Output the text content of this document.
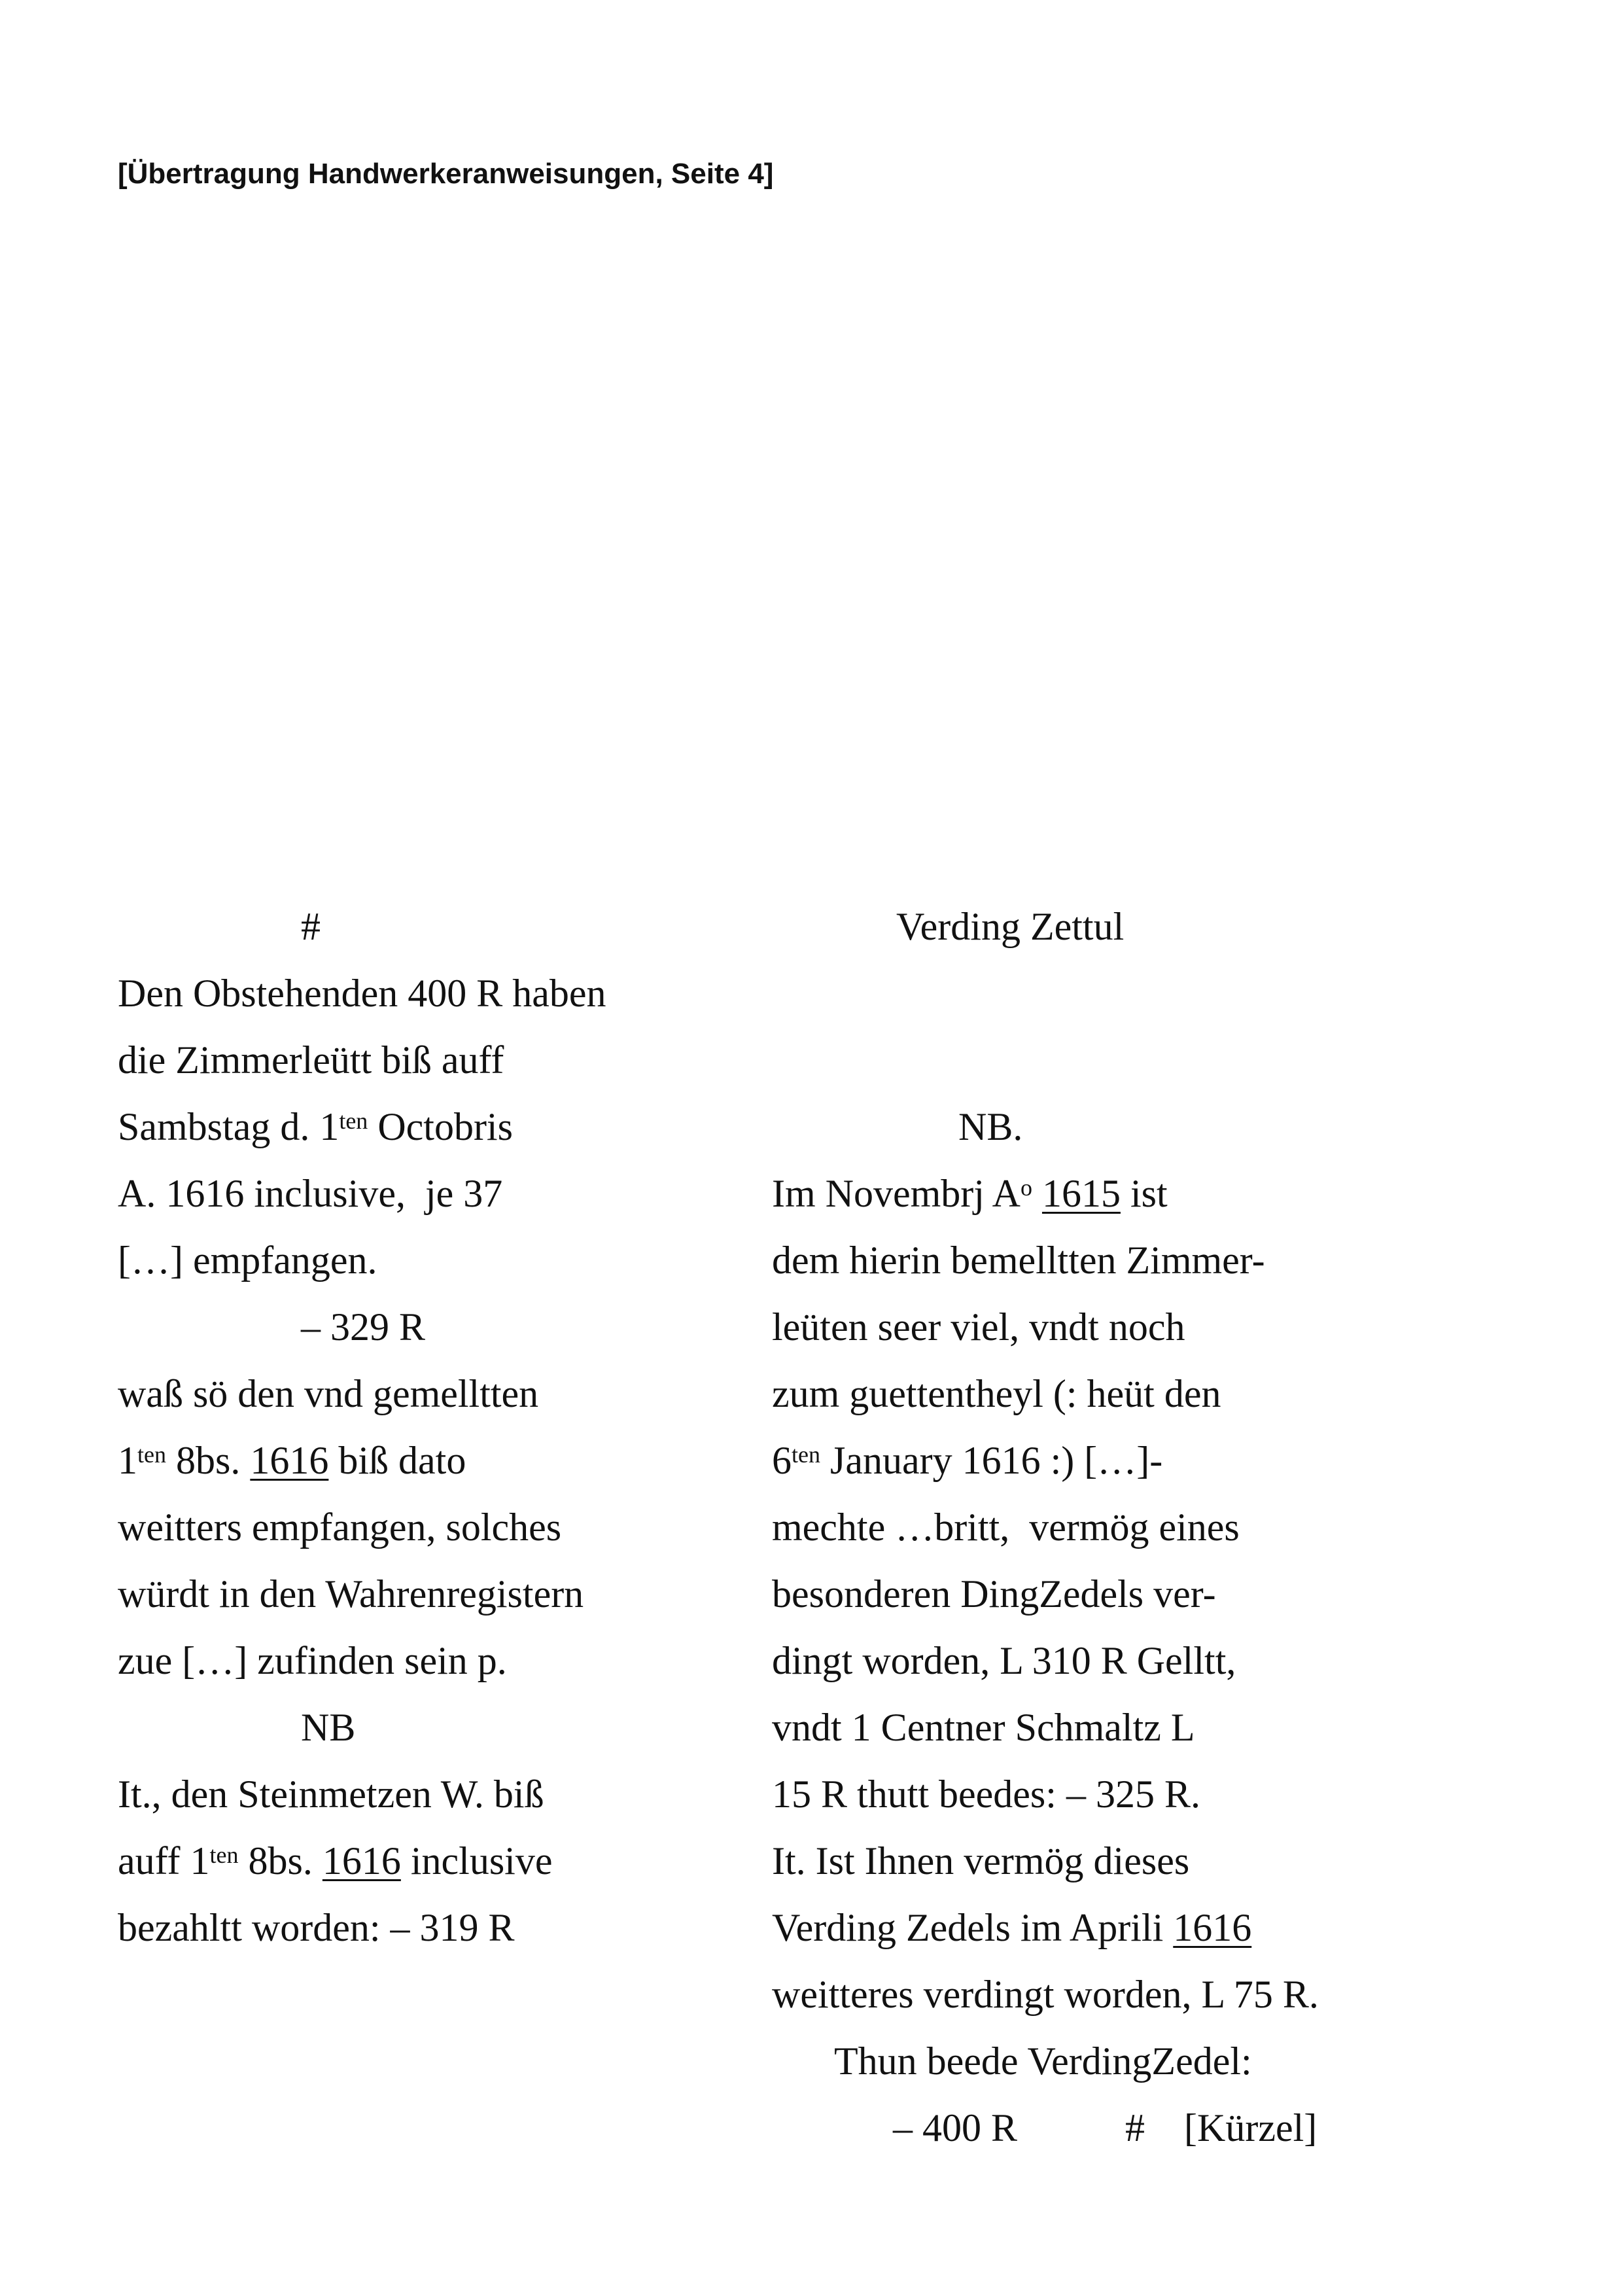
[Übertragung Handwerkeranweisungen, Seite 4]
#
Den Obstehenden 400 R haben
die Zimmerleütt biß auff
Sambstag d. $1^{ten}$ Octobris
A. 1616 inclusive,  je 37
[…] empfangen.
– 329 R
waß sö den vnd gemelltten
$1^{ten}$ 8bs. 1616 biß dato
weitters empfangen, solches
würdt in den Wahrenregistern
zue […] zufinden sein p.
NB
It., den Steinmetzen W. biß
auff $1^{ten}$ 8bs. 1616 inclusive
bezahltt worden: – 319 R
Verding Zettul
NB.
Im Novembrj $A^o$ 1615 ist
dem hierin bemelltten Zimmer-
leüten seer viel, vndt noch
zum guettentheyl (: heüt den
$6^{ten}$ January 1616 :) […]-
mechte …britt,  vermög eines
besonderen DingZedels ver-
dingt worden, L 310 R Gelltt,
vndt 1 Centner Schmaltz L
15 R thutt beedes: – 325 R.
It. Ist Ihnen vermög dieses
Verding Zedels im Aprili 1616
weitteres verdingt worden, L 75 R.
Thun beede VerdingZedel:
– 400 R	# [Kürzel]
